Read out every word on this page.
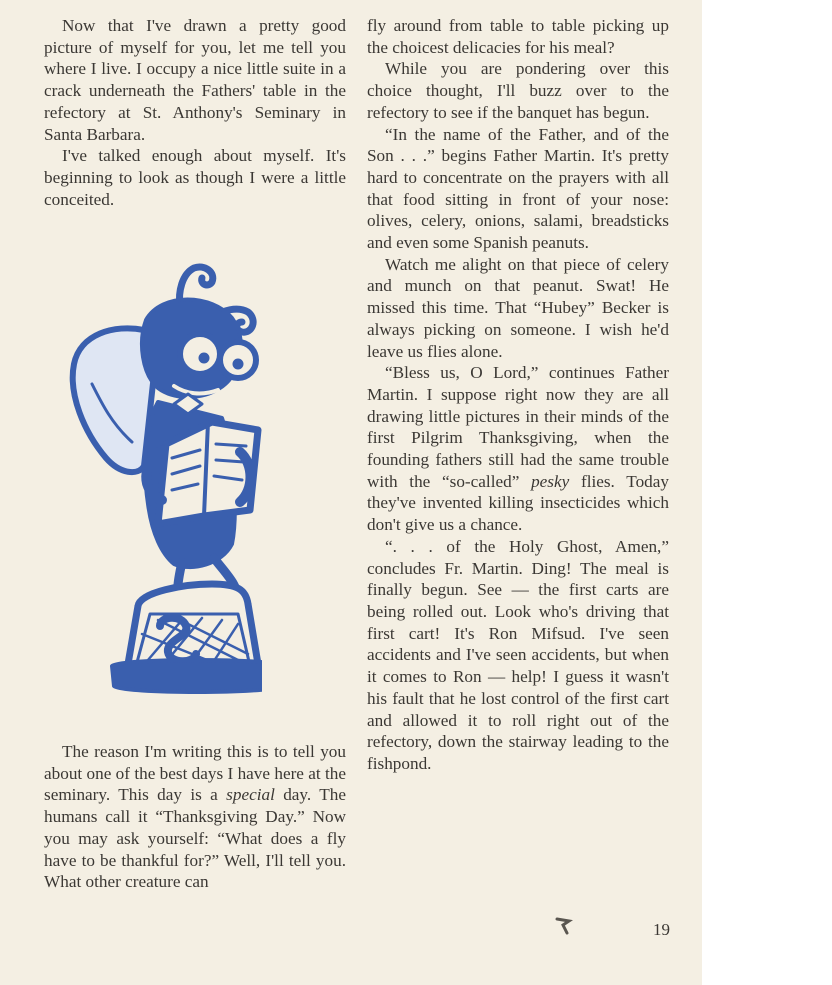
Now that I've drawn a pretty good picture of myself for you, let me tell you where I live. I occupy a nice little suite in a crack underneath the Fathers' table in the refectory at St. Anthony's Seminary in Santa Barbara.

I've talked enough about myself. It's beginning to look as though I were a little conceited.

The reason I'm writing this is to tell you about one of the best days I have here at the seminary. This day is a special day. The humans call it “Thanksgiving Day.” Now you may ask yourself: “What does a fly have to be thankful for?” Well, I'll tell you. What other creature can

fly around from table to table picking up the choicest delicacies for his meal?

While you are pondering over this choice thought, I'll buzz over to the refectory to see if the banquet has begun.

“In the name of the Father, and of the Son . . .” begins Father Martin. It's pretty hard to concentrate on the prayers with all that food sitting in front of your nose: olives, celery, onions, salami, breadsticks and even some Spanish peanuts.

Watch me alight on that piece of celery and munch on that peanut. Swat! He missed this time. That “Hubey” Becker is always picking on someone. I wish he'd leave us flies alone.

“Bless us, O Lord,” continues Father Martin. I suppose right now they are all drawing little pictures in their minds of the first Pilgrim Thanksgiving, when the founding fathers still had the same trouble with the “so-called” pesky flies. Today they've invented killing insecticides which don't give us a chance.

“. . . of the Holy Ghost, Amen,” concludes Fr. Martin. Ding! The meal is finally begun. See — the first carts are being rolled out. Look who's driving that first cart! It's Ron Mifsud. I've seen accidents and I've seen accidents, but when it comes to Ron — help! I guess it wasn't his fault that he lost control of the first cart and allowed it to roll right out of the refectory, down the stairway leading to the fishpond.

19
